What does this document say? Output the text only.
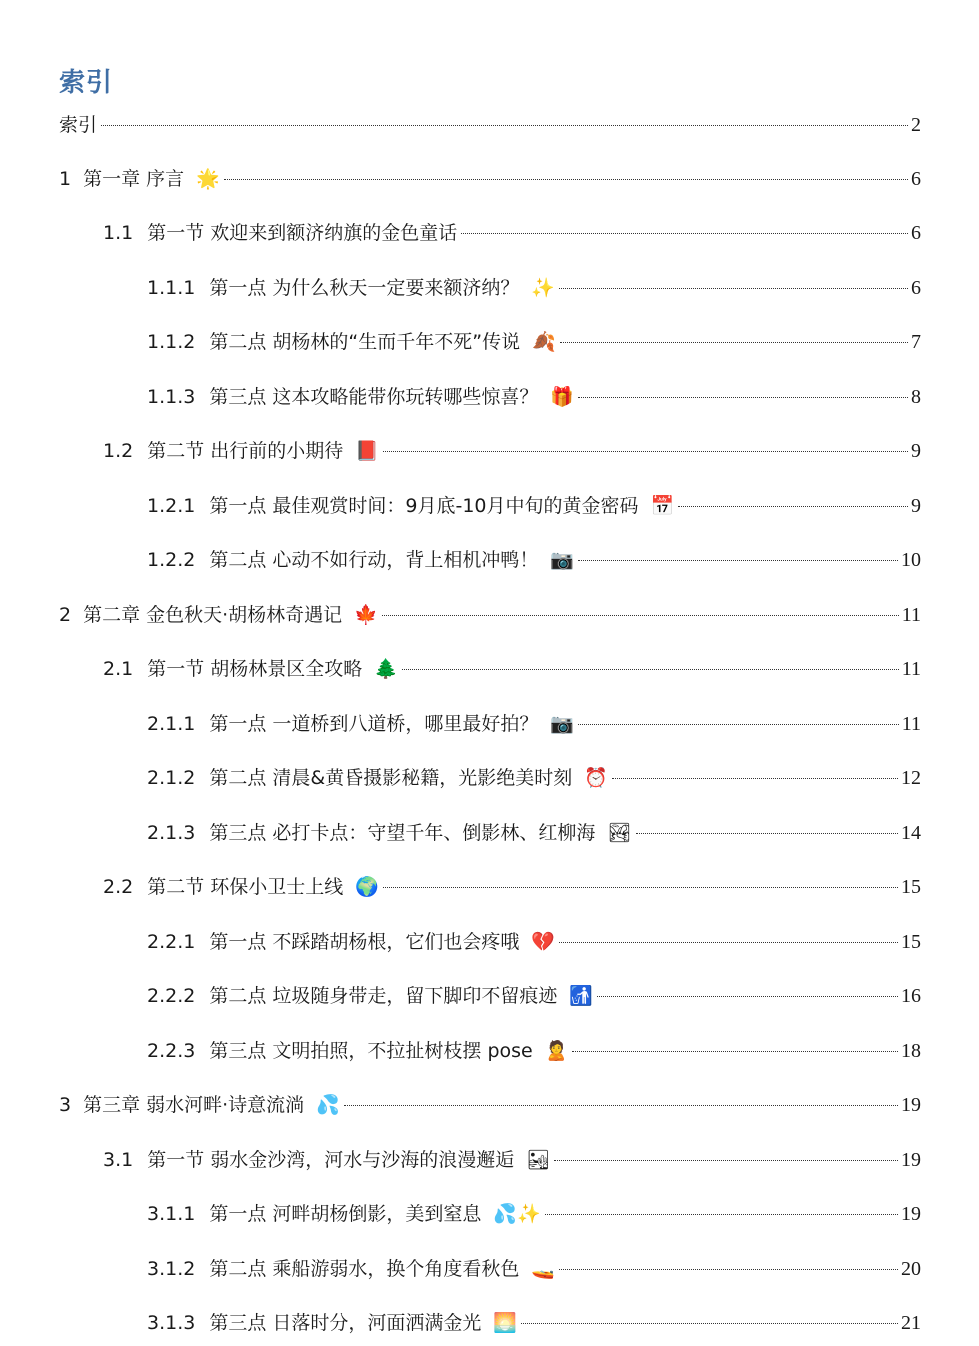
索引
索引	2
1 第一章 序言 🌟	6
1.1 第一节 欢迎来到额济纳旗的金色童话	6
1.1.1 第一点 为什么秋天一定要来额济纳？ ✨	6
1.1.2 第二点 胡杨林的“生而千年不死”传说 🍂	7
1.1.3 第三点 这本攻略能带你玩转哪些惊喜？ 🎁	8
1.2 第二节 出行前的小期待 📕	9
1.2.1 第一点 最佳观赏时间：9月底-10月中旬的黄金密码 📅	9
1.2.2 第二点 心动不如行动，背上相机冲鸭！ 📷	10
2 第二章 金色秋天·胡杨林奇遇记 🍁	11
2.1 第一节 胡杨林景区全攻略 🌲	11
2.1.1 第一点 一道桥到八道桥，哪里最好拍？ 📷	11
2.1.2 第二点 清晨&黄昏摄影秘籍，光影绝美时刻 ⏰	12
2.1.3 第三点 必打卡点：守望千年、倒影林、红柳海 🏞	14
2.2 第二节 环保小卫士上线 🌍	15
2.2.1 第一点 不踩踏胡杨根，它们也会疼哦 💔	15
2.2.2 第二点 垃圾随身带走，留下脚印不留痕迹 🚮	16
2.2.3 第三点 文明拍照，不拉扯树枝摆 pose 🙎	18
3 第三章 弱水河畔·诗意流淌 💦	19
3.1 第一节 弱水金沙湾，河水与沙海的浪漫邂逅 🏜	19
3.1.1 第一点 河畔胡杨倒影，美到窒息 💦✨	19
3.1.2 第二点 乘船游弱水，换个角度看秋色 🚤	20
3.1.3 第三点 日落时分，河面洒满金光 🌅	21
